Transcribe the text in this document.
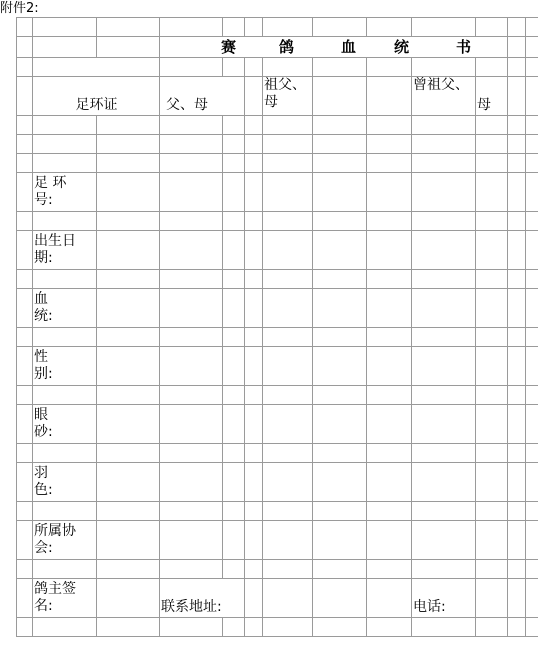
附件2:

			赛 鸽 血 统 书									

	足环证		父、母			祖父、母			曾祖父、	母		

	足 环
号:											

	出生日
期:											

	血
统:											

	性
别:											

	眼
砂:											

	羽
色:											

	所属协
会:											

	鸽主签
名:		联系地址:						电话:			
